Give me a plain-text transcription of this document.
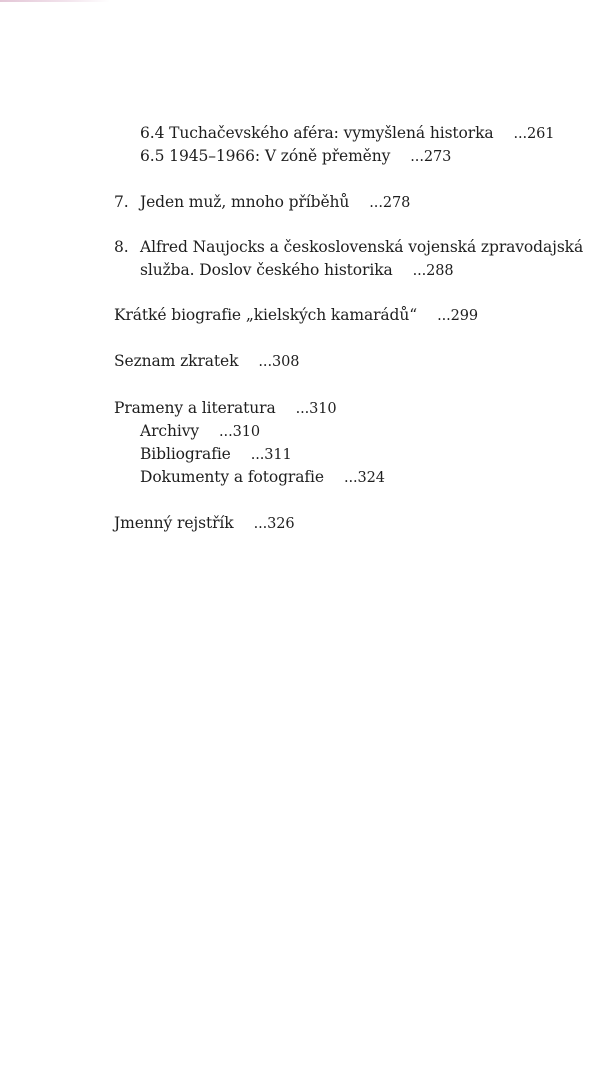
6.4 Tuchačevského aféra: vymyšlená historka ...261
6.5 1945–1966: V zóně přeměny ...273
7. Jeden muž, mnoho příběhů ...278
8. Alfred Naujocks a československá vojenská zpravodajská
služba. Doslov českého historika ...288
Krátké biografie „kielských kamarádů“ ...299
Seznam zkratek ...308
Prameny a literatura ...310
Archivy ...310
Bibliografie ...311
Dokumenty a fotografie ...324
Jmenný rejstřík ...326
